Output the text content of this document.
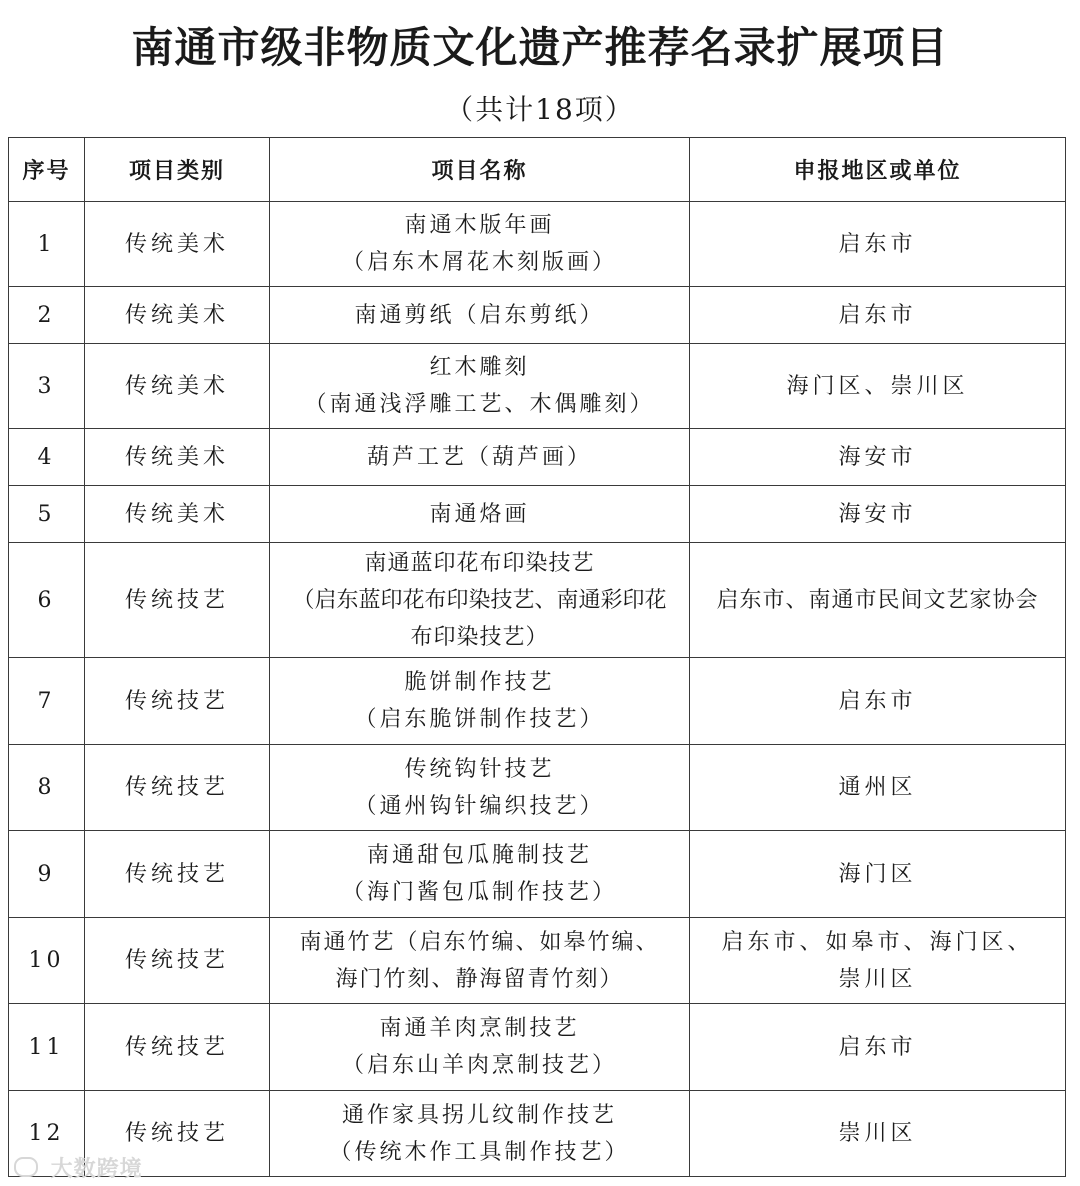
南通市级非物质文化遗产推荐名录扩展项目
（共计18项）
序号	项目类别	项目名称	申报地区或单位
1	传统美术	南通木版年画
（启东木屑花木刻版画）	启东市

2	传统美术	南通剪纸（启东剪纸）	启东市

3	传统美术	红木雕刻
（南通浅浮雕工艺、木偶雕刻）	海门区、崇川区

4	传统美术	葫芦工艺（葫芦画）	海安市

5	传统美术	南通烙画	海安市

6	传统技艺	南通蓝印花布印染技艺
（启东蓝印花布印染技艺、南通彩印花
布印染技艺）	启东市、南通市民间文艺家协会

7	传统技艺	脆饼制作技艺
（启东脆饼制作技艺）	启东市

8	传统技艺	传统钩针技艺
（通州钩针编织技艺）	通州区

9	传统技艺	南通甜包瓜腌制技艺
（海门酱包瓜制作技艺）	海门区

10	传统技艺	南通竹艺（启东竹编、如皋竹编、
海门竹刻、静海留青竹刻）	启东市、如皋市、海门区、
崇川区

11	传统技艺	南通羊肉烹制技艺
（启东山羊肉烹制技艺）	启东市

12	传统技艺	通作家具拐儿纹制作技艺
（传统木作工具制作技艺）	崇川区
大数跨境
